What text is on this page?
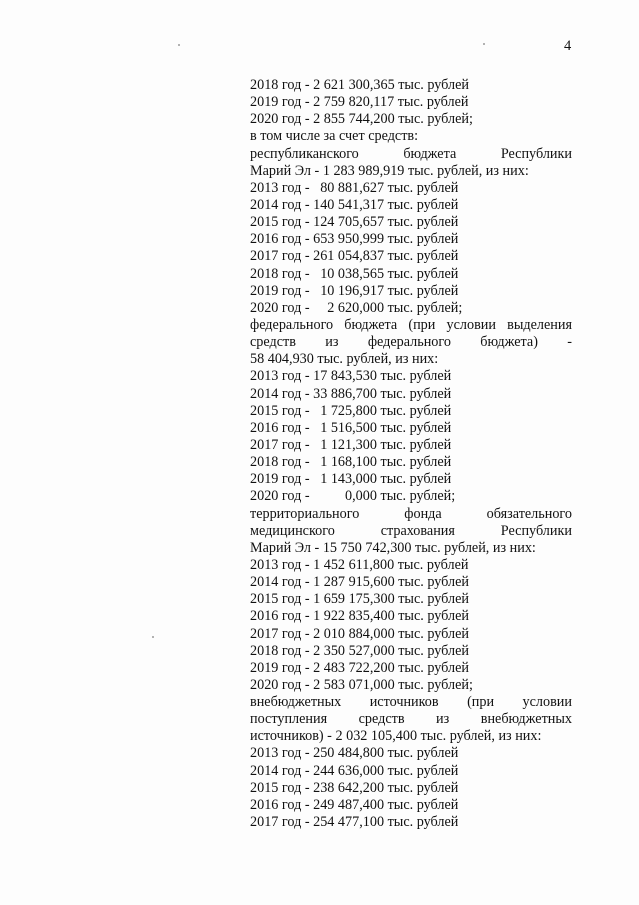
4
2018 год - 2 621 300,365 тыс. рублей
2019 год - 2 759 820,117 тыс. рублей
2020 год - 2 855 744,200 тыс. рублей;
в том числе за счет средств:
республиканского	бюджета	Республики
Марий Эл - 1 283 989,919 тыс. рублей, из них:
2013 год -   80 881,627 тыс. рублей
2014 год - 140 541,317 тыс. рублей
2015 год - 124 705,657 тыс. рублей
2016 год - 653 950,999 тыс. рублей
2017 год - 261 054,837 тыс. рублей
2018 год -   10 038,565 тыс. рублей
2019 год -   10 196,917 тыс. рублей
2020 год -     2 620,000 тыс. рублей;
федерального бюджета (при условии выделения
средств из федерального бюджета) -
58 404,930 тыс. рублей, из них:
2013 год - 17 843,530 тыс. рублей
2014 год - 33 886,700 тыс. рублей
2015 год -   1 725,800 тыс. рублей
2016 год -   1 516,500 тыс. рублей
2017 год -   1 121,300 тыс. рублей
2018 год -   1 168,100 тыс. рублей
2019 год -   1 143,000 тыс. рублей
2020 год -          0,000 тыс. рублей;
территориального	фонда	обязательного
медицинского	страхования	Республики
Марий Эл - 15 750 742,300 тыс. рублей, из них:
2013 год - 1 452 611,800 тыс. рублей
2014 год - 1 287 915,600 тыс. рублей
2015 год - 1 659 175,300 тыс. рублей
2016 год - 1 922 835,400 тыс. рублей
2017 год - 2 010 884,000 тыс. рублей
2018 год - 2 350 527,000 тыс. рублей
2019 год - 2 483 722,200 тыс. рублей
2020 год - 2 583 071,000 тыс. рублей;
внебюджетных источников (при условии
поступления средств из внебюджетных
источников) - 2 032 105,400 тыс. рублей, из них:
2013 год - 250 484,800 тыс. рублей
2014 год - 244 636,000 тыс. рублей
2015 год - 238 642,200 тыс. рублей
2016 год - 249 487,400 тыс. рублей
2017 год - 254 477,100 тыс. рублей
